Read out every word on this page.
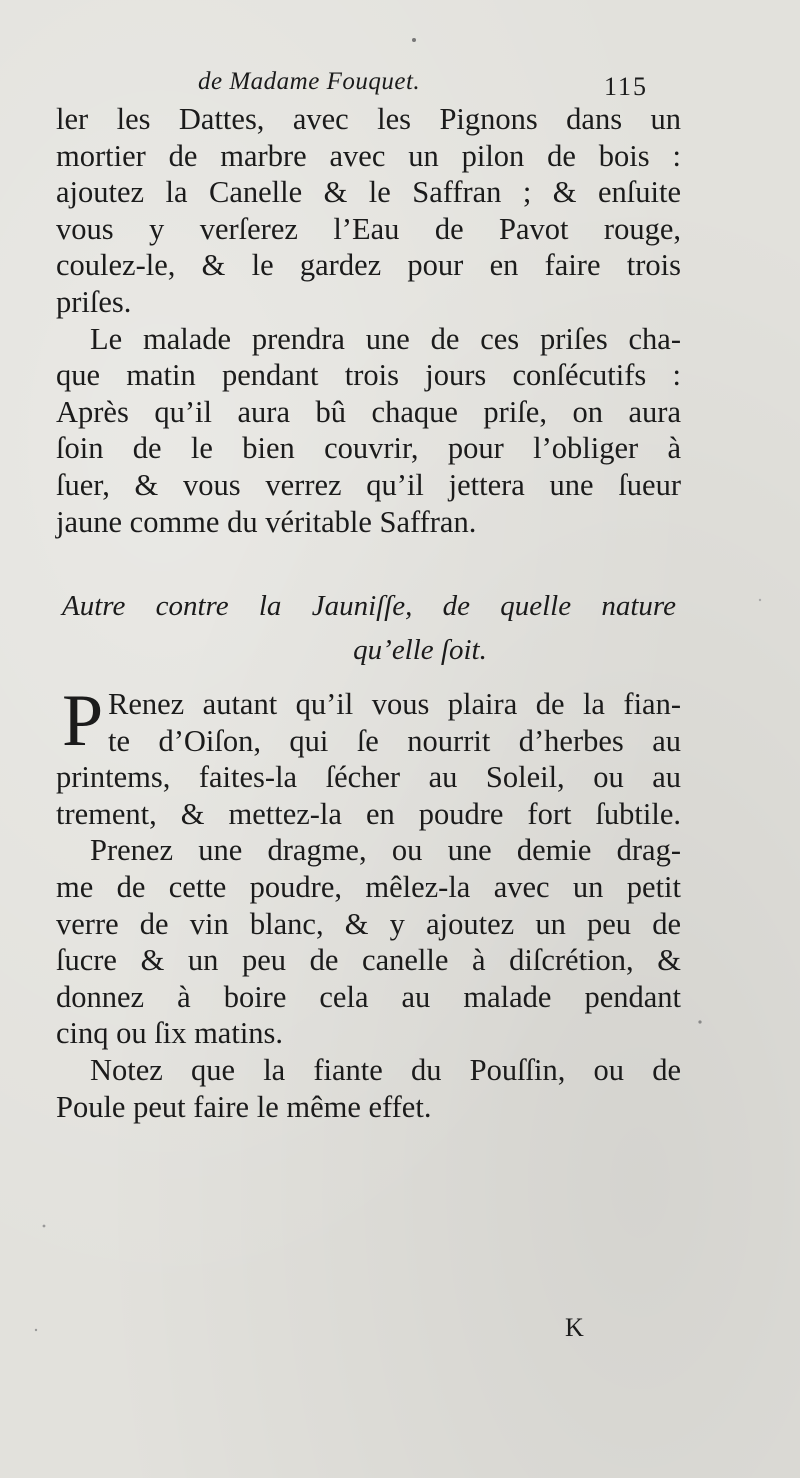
de Madame Fouquet.	115
ler les Dattes, avec les Pignons dans un
mortier de marbre avec un pilon de bois :
ajoutez la Canelle & le Saffran ; & enſuite
vous y verſerez l’Eau de Pavot rouge,
coulez-le, & le gardez pour en faire trois
priſes.
Le malade prendra une de ces priſes cha-
que matin pendant trois jours conſécutifs :
Après qu’il aura bû chaque priſe, on aura
ſoin de le bien couvrir, pour l’obliger à
ſuer, & vous verrez qu’il jettera une ſueur
jaune comme du véritable Saffran.
Autre contre la Jauniſſe, de quelle nature
qu’elle ſoit.
P Renez autant qu’il vous plaira de la fian-
te d’Oiſon, qui ſe nourrit d’herbes au
printems, faites-la ſécher au Soleil, ou au
trement, & mettez-la en poudre fort ſubtile.
Prenez une dragme, ou une demie drag-
me de cette poudre, mêlez-la avec un petit
verre de vin blanc, & y ajoutez un peu de
ſucre & un peu de canelle à diſcrétion, &
donnez à boire cela au malade pendant
cinq ou ſix matins.
Notez que la fiante du Pouſſin, ou de
Poule peut faire le même effet.
K
